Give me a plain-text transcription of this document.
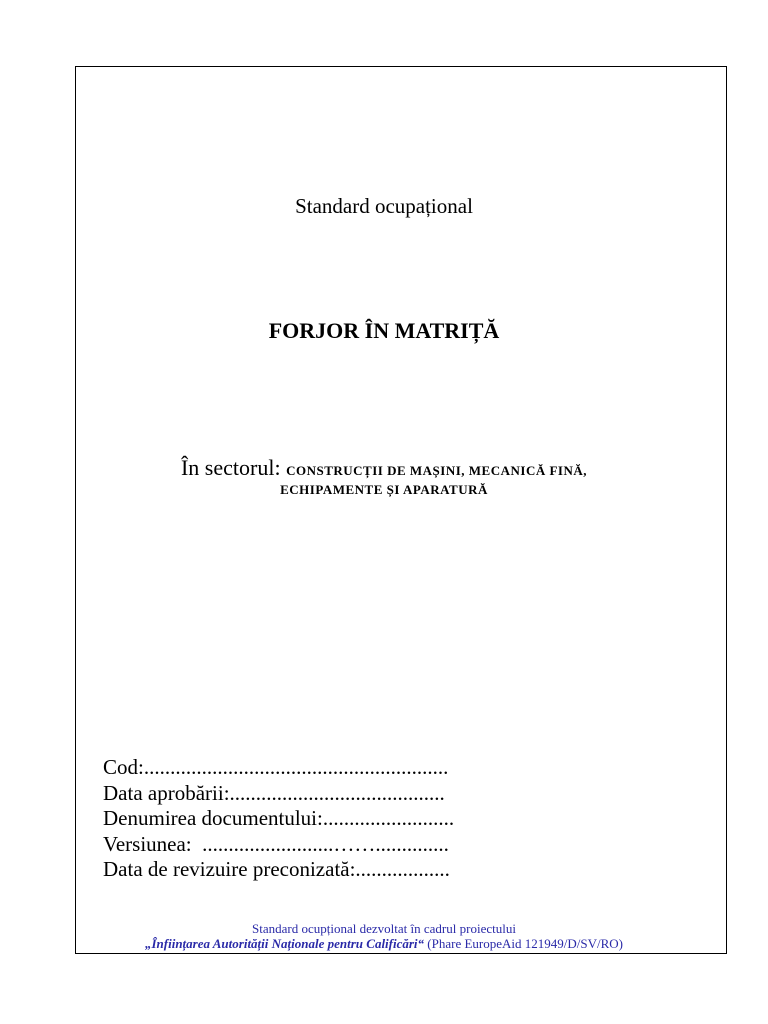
Standard ocupațional
FORJOR ÎN MATRIȚĂ
În sectorul: CONSTRUCȚII DE MAȘINI, MECANICĂ FINĂ,
ECHIPAMENTE ȘI APARATURĂ
Cod:..........................................................
Data aprobării:.........................................
Denumirea documentului:.........................
Versiunea:  .........................……..............
Data de revizuire preconizată:..................
Standard ocupțional dezvoltat în cadrul proiectului
„Înființarea Autorității Naționale pentru Calificări“ (Phare EuropeAid 121949/D/SV/RO)
